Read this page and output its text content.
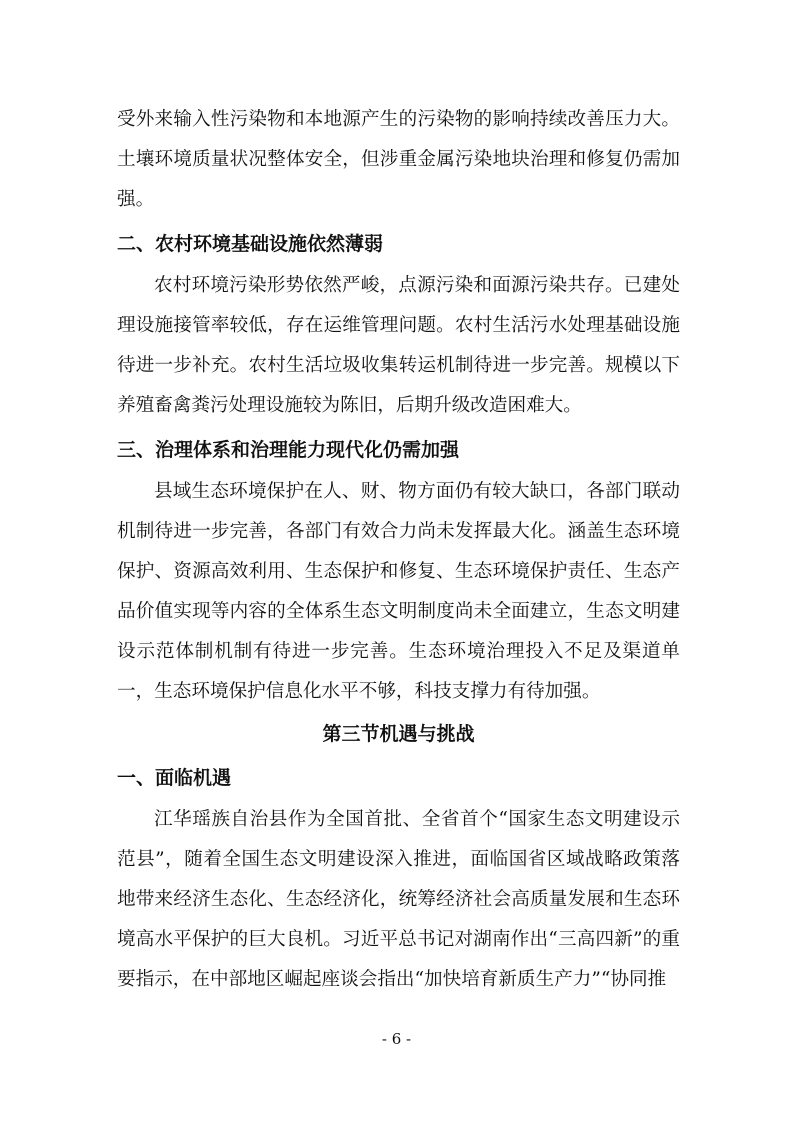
受外来输入性污染物和本地源产生的污染物的影响持续改善压力大。土壤环境质量状况整体安全，但涉重金属污染地块治理和修复仍需加强。

二、农村环境基础设施依然薄弱

农村环境污染形势依然严峻，点源污染和面源污染共存。已建处理设施接管率较低，存在运维管理问题。农村生活污水处理基础设施待进一步补充。农村生活垃圾收集转运机制待进一步完善。规模以下养殖畜禽粪污处理设施较为陈旧，后期升级改造困难大。

三、治理体系和治理能力现代化仍需加强

县域生态环境保护在人、财、物方面仍有较大缺口，各部门联动机制待进一步完善，各部门有效合力尚未发挥最大化。涵盖生态环境保护、资源高效利用、生态保护和修复、生态环境保护责任、生态产品价值实现等内容的全体系生态文明制度尚未全面建立，生态文明建设示范体制机制有待进一步完善。生态环境治理投入不足及渠道单一，生态环境保护信息化水平不够，科技支撑力有待加强。

第三节机遇与挑战
一、面临机遇

江华瑶族自治县作为全国首批、全省首个“国家生态文明建设示范县”，随着全国生态文明建设深入推进，面临国省区域战略政策落地带来经济生态化、生态经济化，统筹经济社会高质量发展和生态环境高水平保护的巨大良机。习近平总书记对湖南作出“三高四新”的重要指示，在中部地区崛起座谈会指出“加快培育新质生产力”“协同推

- 6 -
